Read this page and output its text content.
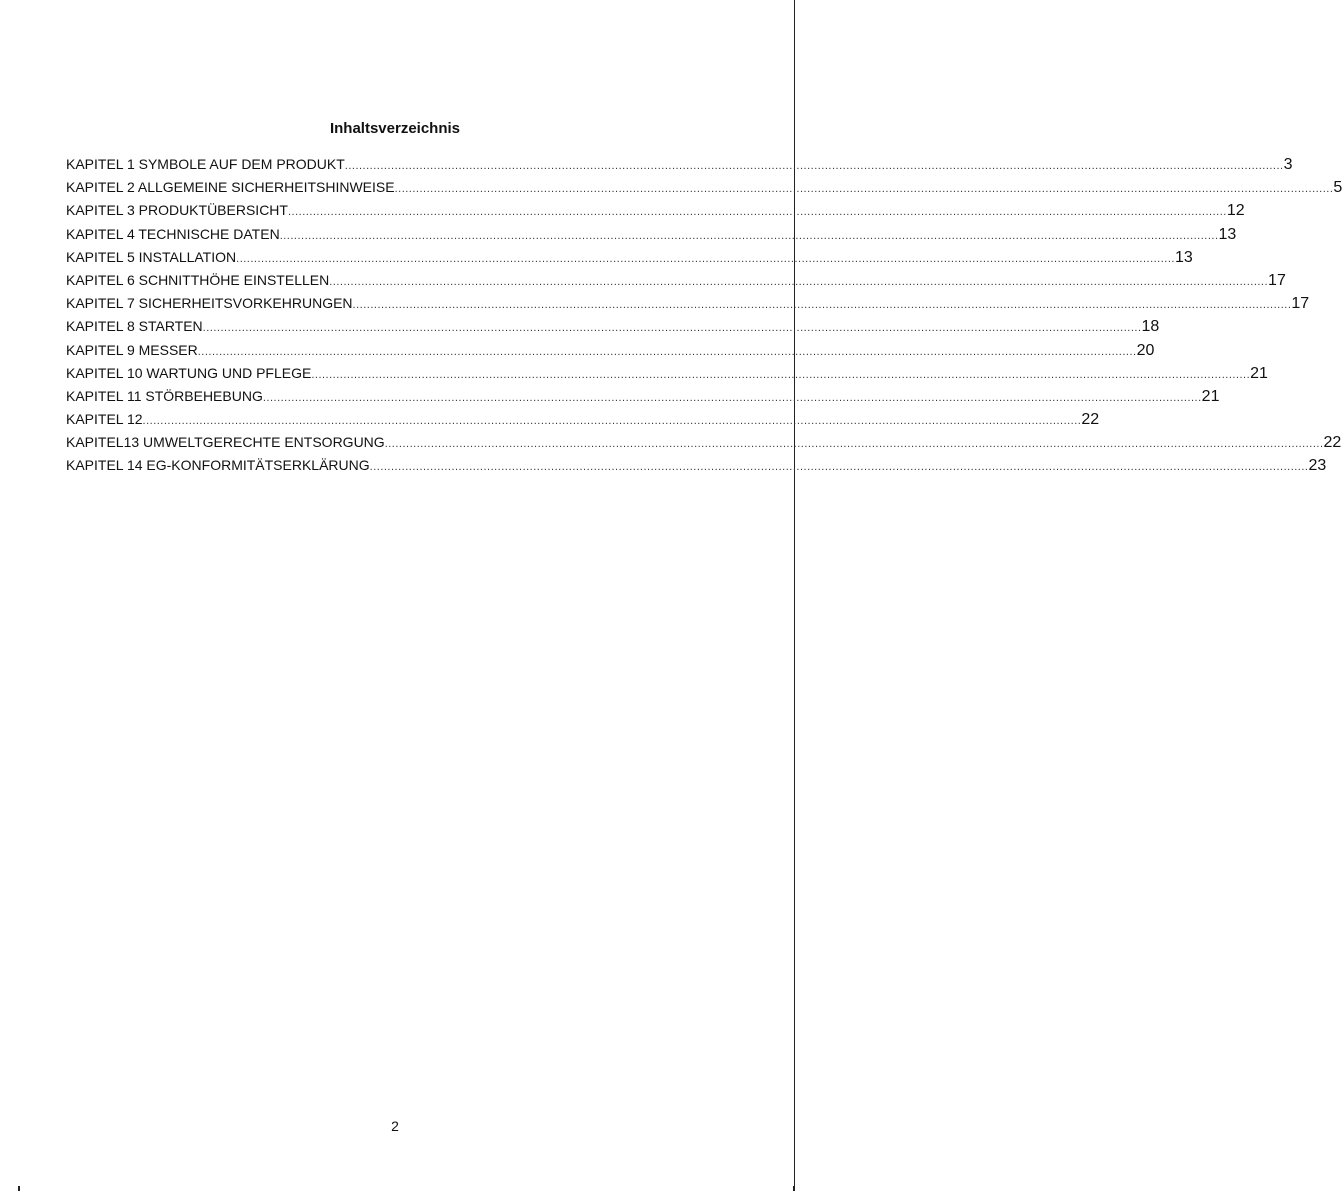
Inhaltsverzeichnis
KAPITEL 1 SYMBOLE AUF DEM PRODUKT ........................................................................................................................................................................................................................................................................ 3
KAPITEL 2 ALLGEMEINE SICHERHEITSHINWEISE ........................................................................................................................................................................................................................................................................ 5
KAPITEL 3 PRODUKTÜBERSICHT ........................................................................................................................................................................................................................................................................ 12
KAPITEL 4 TECHNISCHE DATEN ........................................................................................................................................................................................................................................................................ 13
KAPITEL 5 INSTALLATION ........................................................................................................................................................................................................................................................................ 13
KAPITEL 6 SCHNITTHÖHE EINSTELLEN ........................................................................................................................................................................................................................................................................ 17
KAPITEL 7 SICHERHEITSVORKEHRUNGEN ........................................................................................................................................................................................................................................................................ 17
KAPITEL 8 STARTEN ........................................................................................................................................................................................................................................................................ 18
KAPITEL 9 MESSER ........................................................................................................................................................................................................................................................................ 20
KAPITEL 10 WARTUNG UND PFLEGE ........................................................................................................................................................................................................................................................................ 21
KAPITEL 11 STÖRBEHEBUNG ........................................................................................................................................................................................................................................................................ 21
KAPITEL 12 ........................................................................................................................................................................................................................................................................ 22
KAPITEL13 UMWELTGERECHTE ENTSORGUNG ........................................................................................................................................................................................................................................................................ 22
KAPITEL 14 EG-KONFORMITÄTSERKLÄRUNG ........................................................................................................................................................................................................................................................................ 23

2
